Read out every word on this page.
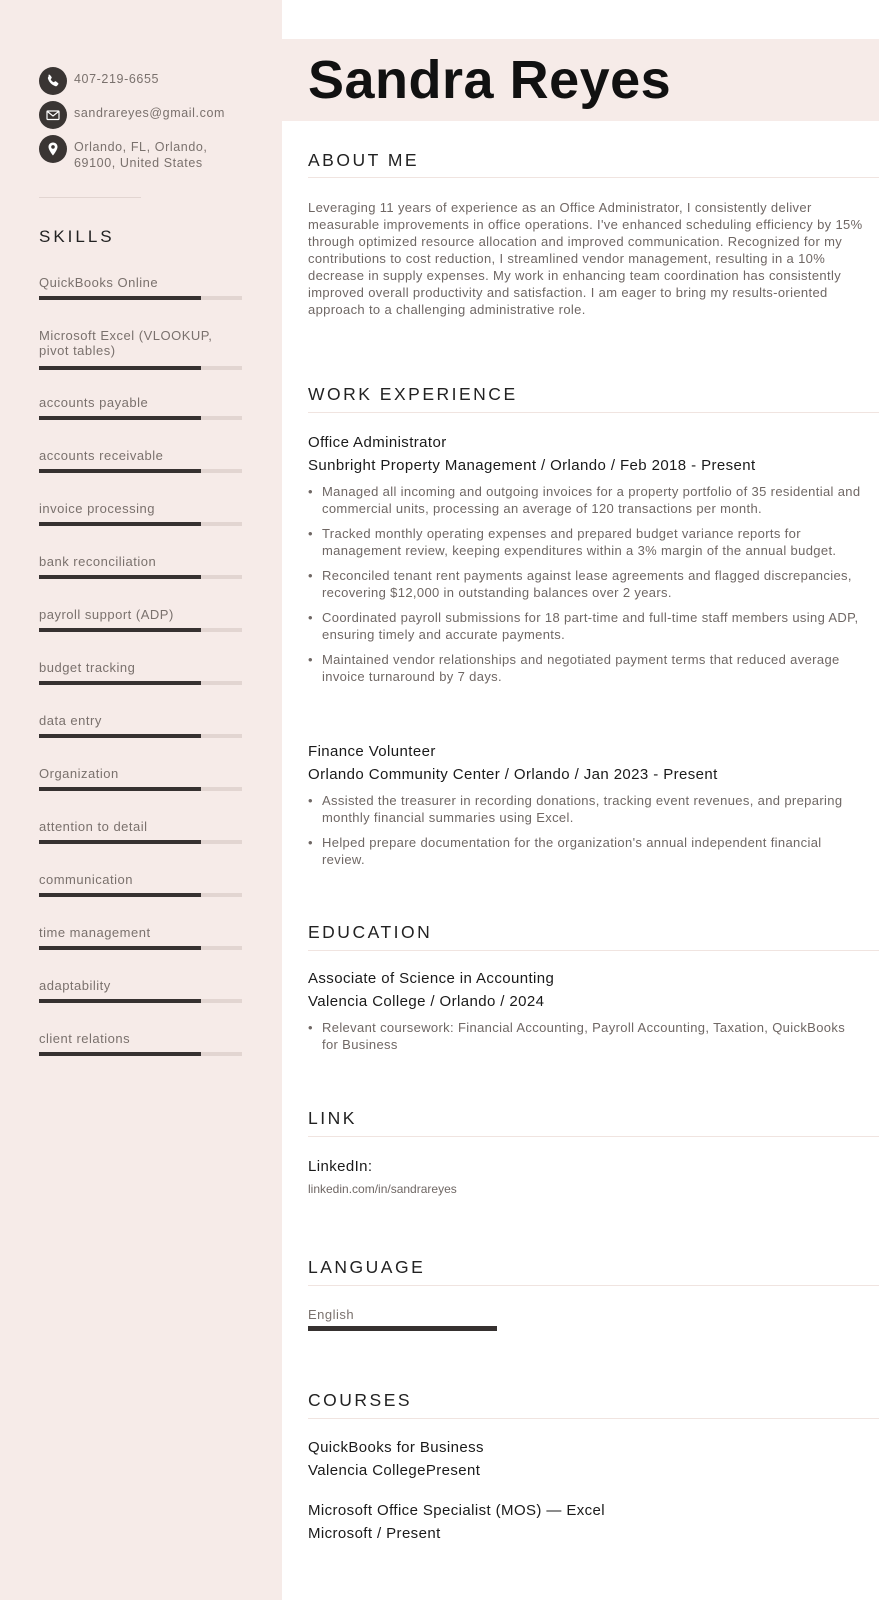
407-219-6655
sandrareyes@gmail.com
Orlando, FL, Orlando,
69100, United States
SKILLS
QuickBooks Online
Microsoft Excel (VLOOKUP, pivot tables)
accounts payable
accounts receivable
invoice processing
bank reconciliation
payroll support (ADP)
budget tracking
data entry
Organization
attention to detail
communication
time management
adaptability
client relations
Sandra Reyes
ABOUT ME

Leveraging 11 years of experience as an Office Administrator, I consistently deliver measurable improvements in office operations. I've enhanced scheduling efficiency by 15% through optimized resource allocation and improved communication. Recognized for my contributions to cost reduction, I streamlined vendor management, resulting in a 10% decrease in supply expenses. My work in enhancing team coordination has consistently improved overall productivity and satisfaction. I am eager to bring my results-oriented approach to a challenging administrative role.

WORK EXPERIENCE
Office Administrator
Sunbright Property Management / Orlando / Feb 2018 - Present
• Managed all incoming and outgoing invoices for a property portfolio of 35 residential and commercial units, processing an average of 120 transactions per month.
• Tracked monthly operating expenses and prepared budget variance reports for management review, keeping expenditures within a 3% margin of the annual budget.
• Reconciled tenant rent payments against lease agreements and flagged discrepancies, recovering $12,000 in outstanding balances over 2 years.
• Coordinated payroll submissions for 18 part-time and full-time staff members using ADP, ensuring timely and accurate payments.
• Maintained vendor relationships and negotiated payment terms that reduced average invoice turnaround by 7 days.
Finance Volunteer
Orlando Community Center / Orlando / Jan 2023 - Present
• Assisted the treasurer in recording donations, tracking event revenues, and preparing monthly financial summaries using Excel.
• Helped prepare documentation for the organization's annual independent financial review.
EDUCATION
Associate of Science in Accounting
Valencia College / Orlando / 2024
• Relevant coursework: Financial Accounting, Payroll Accounting, Taxation, QuickBooks for Business
LINK
LinkedIn:
linkedin.com/in/sandrareyes
LANGUAGE
English
COURSES
QuickBooks for Business
Valencia CollegePresent
Microsoft Office Specialist (MOS) — Excel
Microsoft / Present
